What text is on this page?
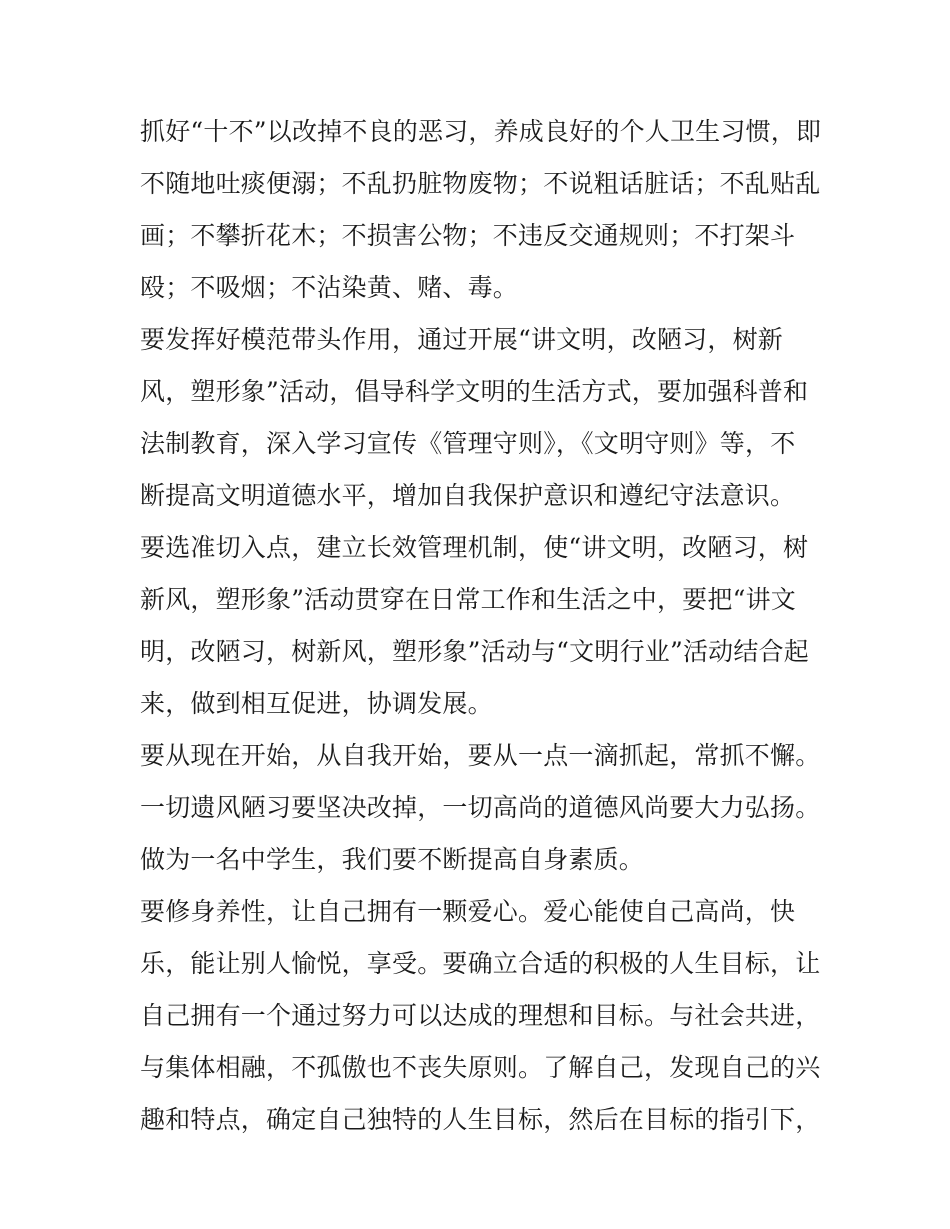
抓好“十不”以改掉不良的恶习，养成良好的个人卫生习惯，即
不随地吐痰便溺；不乱扔脏物废物；不说粗话脏话；不乱贴乱
画；不攀折花木；不损害公物；不违反交通规则；不打架斗
殴；不吸烟；不沾染黄、赌、毒。
要发挥好模范带头作用，通过开展“讲文明，改陋习，树新
风，塑形象”活动，倡导科学文明的生活方式，要加强科普和
法制教育，深入学习宣传《管理守则》，《文明守则》等，不
断提高文明道德水平，增加自我保护意识和遵纪守法意识。
要选准切入点，建立长效管理机制，使“讲文明，改陋习，树
新风，塑形象”活动贯穿在日常工作和生活之中，要把“讲文
明，改陋习，树新风，塑形象”活动与“文明行业”活动结合起
来，做到相互促进，协调发展。
要从现在开始，从自我开始，要从一点一滴抓起，常抓不懈。
一切遗风陋习要坚决改掉，一切高尚的道德风尚要大力弘扬。
做为一名中学生，我们要不断提高自身素质。
要修身养性，让自己拥有一颗爱心。爱心能使自己高尚，快
乐，能让别人愉悦，享受。要确立合适的积极的人生目标，让
自己拥有一个通过努力可以达成的理想和目标。与社会共进，
与集体相融，不孤傲也不丧失原则。了解自己，发现自己的兴
趣和特点，确定自己独特的人生目标，然后在目标的指引下，
